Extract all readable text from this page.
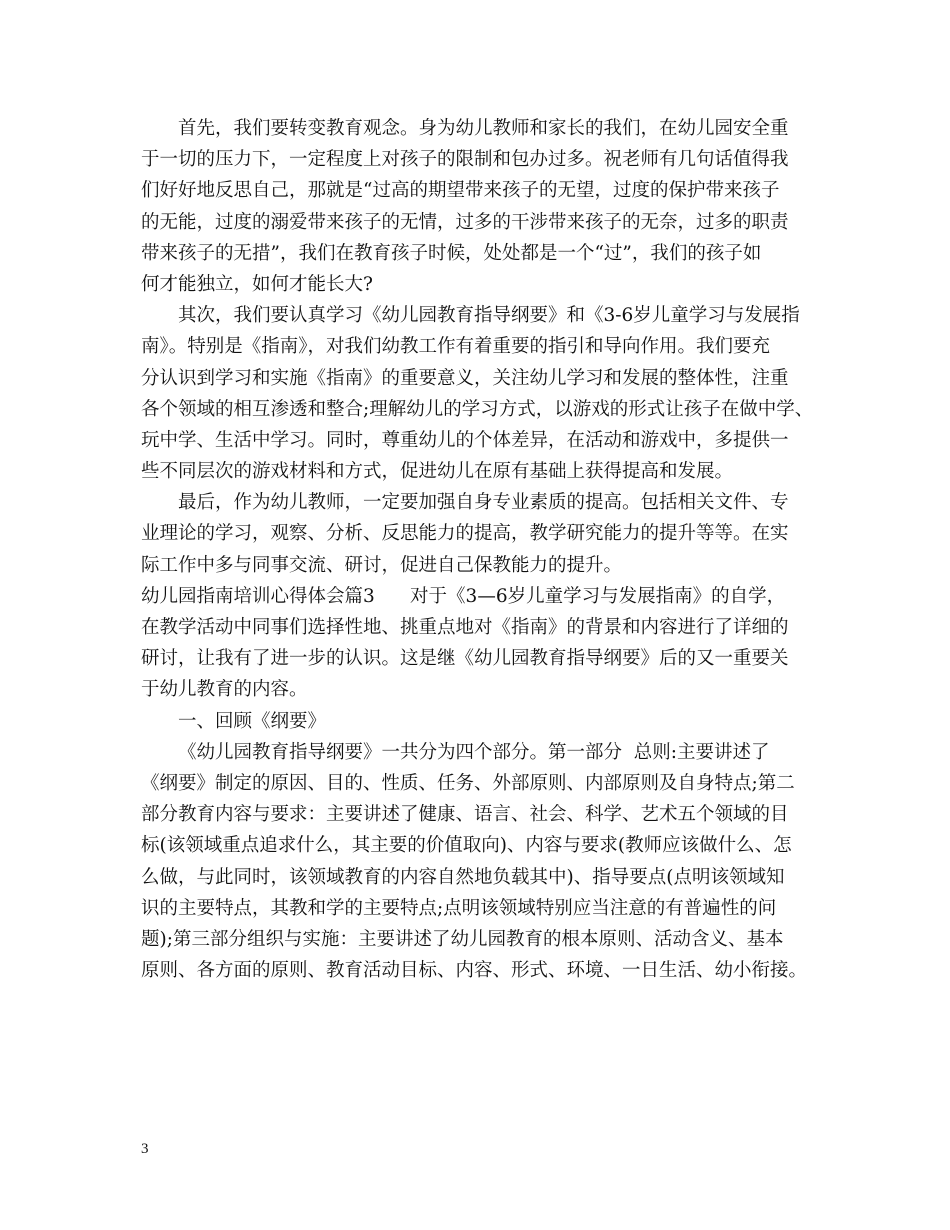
首先，我们要转变教育观念。身为幼儿教师和家长的我们，在幼儿园安全重
于一切的压力下，一定程度上对孩子的限制和包办过多。祝老师有几句话值得我
们好好地反思自己，那就是“过高的期望带来孩子的无望，过度的保护带来孩子
的无能，过度的溺爱带来孩子的无情，过多的干涉带来孩子的无奈，过多的职责
带来孩子的无措”，我们在教育孩子时候，处处都是一个“过”，我们的孩子如
何才能独立，如何才能长大?
其次，我们要认真学习《幼儿园教育指导纲要》和《3-6岁儿童学习与发展指
南》。特别是《指南》，对我们幼教工作有着重要的指引和导向作用。我们要充
分认识到学习和实施《指南》的重要意义，关注幼儿学习和发展的整体性，注重
各个领域的相互渗透和整合;理解幼儿的学习方式，以游戏的形式让孩子在做中学、
玩中学、生活中学习。同时，尊重幼儿的个体差异，在活动和游戏中，多提供一
些不同层次的游戏材料和方式，促进幼儿在原有基础上获得提高和发展。
最后，作为幼儿教师，一定要加强自身专业素质的提高。包括相关文件、专
业理论的学习，观察、分析、反思能力的提高，教学研究能力的提升等等。在实
际工作中多与同事交流、研讨，促进自己保教能力的提升。
幼儿园指南培训心得体会篇3      对于《3—6岁儿童学习与发展指南》的自学，
在教学活动中同事们选择性地、挑重点地对《指南》的背景和内容进行了详细的
研讨，让我有了进一步的认识。这是继《幼儿园教育指导纲要》后的又一重要关
于幼儿教育的内容。
一、回顾《纲要》
《幼儿园教育指导纲要》一共分为四个部分。第一部分  总则:主要讲述了
《纲要》制定的原因、目的、性质、任务、外部原则、内部原则及自身特点;第二
部分教育内容与要求：主要讲述了健康、语言、社会、科学、艺术五个领域的目
标(该领域重点追求什么，其主要的价值取向)、内容与要求(教师应该做什么、怎
么做，与此同时，该领域教育的内容自然地负载其中)、指导要点(点明该领域知
识的主要特点，其教和学的主要特点;点明该领域特别应当注意的有普遍性的问
题);第三部分组织与实施：主要讲述了幼儿园教育的根本原则、活动含义、基本
原则、各方面的原则、教育活动目标、内容、形式、环境、一日生活、幼小衔接。
3
